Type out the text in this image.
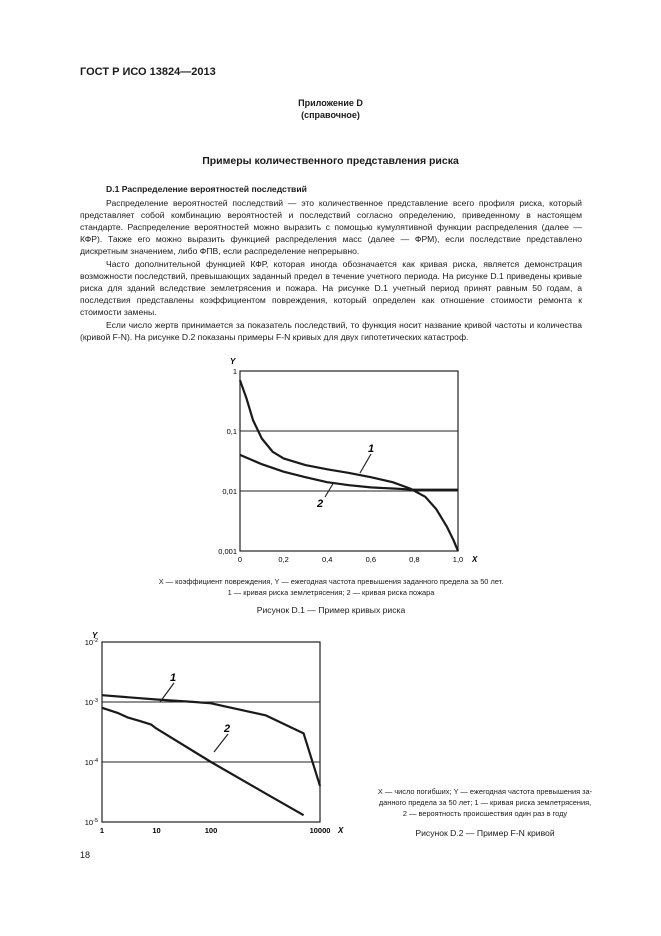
ГОСТ Р ИСО 13824—2013
Приложение D
(справочное)
Примеры количественного представления риска
D.1 Распределение вероятностей последствий

Распределение вероятностей последствий — это количественное представление всего профиля риска, который представляет собой комбинацию вероятностей и последствий согласно определению, приведенному в настоящем стандарте. Распределение вероятностей можно выразить с помощью кумулятивной функции распределения (далее — КФР). Также его можно выразить функцией распределения масс (далее — ФРМ), если последствие представлено дискретным значением, либо ФПВ, если распределение непрерывно.

Часто дополнительной функцией КФР, которая иногда обозначается как кривая риска, является демонстрация возможности последствий, превышающих заданный предел в течение учетного периода. На рисунке D.1 приведены кривые риска для зданий вследствие землетрясения и пожара. На рисунке D.1 учетный период принят равным 50 годам, а последствия представлены коэффициентом повреждения, который определен как отношение стоимости ремонта к стоимости замены.

Если число жертв принимается за показатель последствий, то функция носит название кривой частоты и количества (кривой F-N). На рисунке D.2 показаны примеры F-N кривых для двух гипотетических катастроф.

0	0,2	0,4	0,6	0,8	1,0
1
0,1
0,01
0,001
X
Y
1
2
X — коэффициент повреждения, Y — ежегодная частота превышения заданного предела за 50 лет.
1 — кривая риска землетрясения; 2 — кривая риска пожара
Рисунок D.1 — Пример кривых риска
1	10	100	10000
$10^{-2}$
$10^{-3}$
$10^{-4}$
$10^{-5}$
X
Y
1
2
X — число погибших; Y — ежегодная частота превышения за-
данного предела за 50 лет; 1 — кривая риска землетрясения,
2 — вероятность происшествия один раз в году
Рисунок D.2 — Пример F-N кривой
18
